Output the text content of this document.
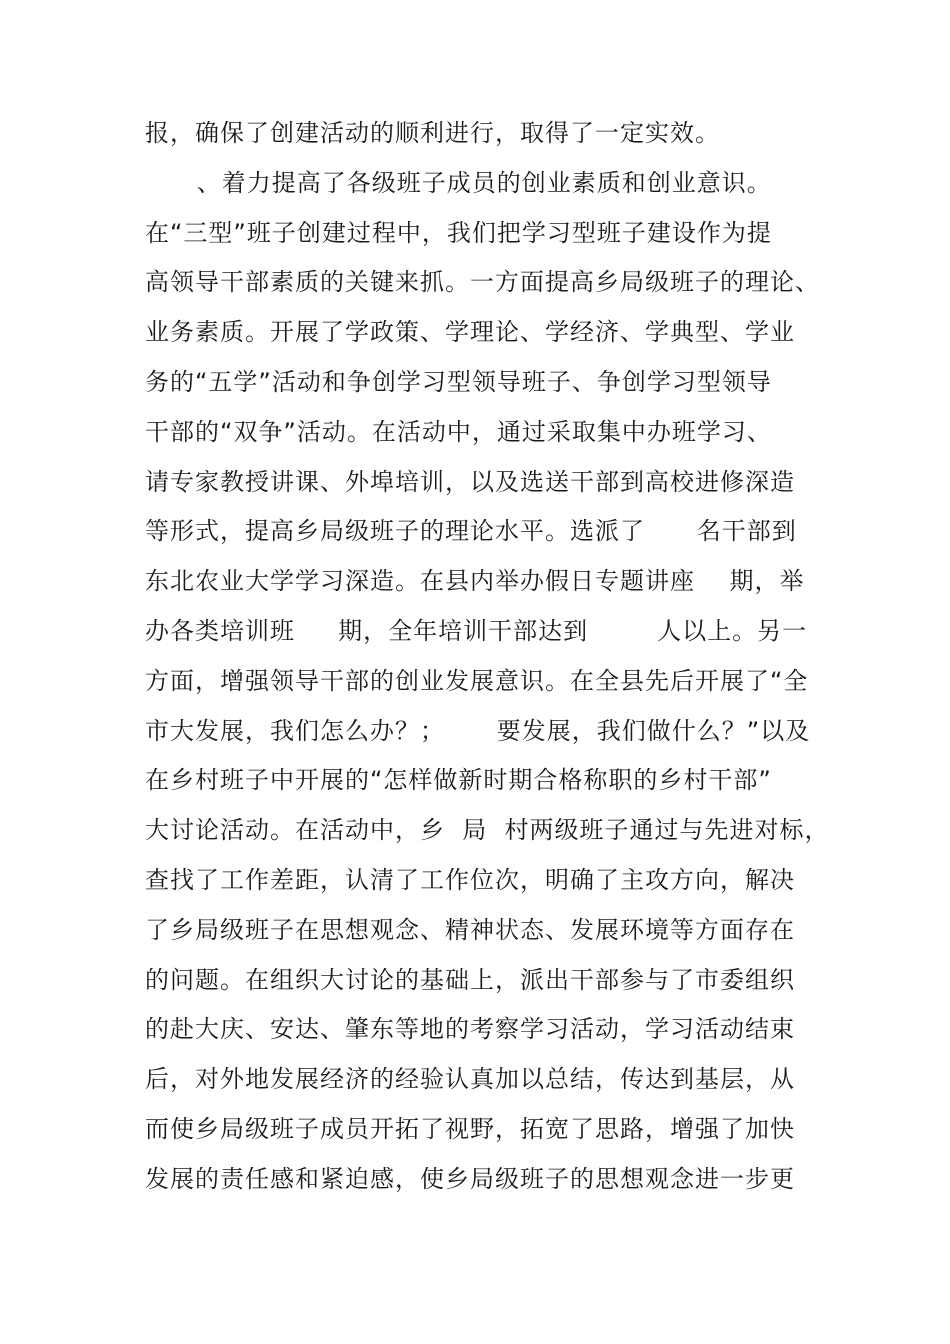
报，确保了创建活动的顺利进行，取得了一定实效。
、着力提高了各级班子成员的创业素质和创业意识。
在“三型”班子创建过程中，我们把学习型班子建设作为提
高领导干部素质的关键来抓。一方面提高乡局级班子的理论、
业务素质。开展了学政策、学理论、学经济、学典型、学业
务的“五学”活动和争创学习型领导班子、争创学习型领导
干部的“双争”活动。在活动中，通过采取集中办班学习、
请专家教授讲课、外埠培训，以及选送干部到高校进修深造
等形式，提高乡局级班子的理论水平。选派了      名干部到
东北农业大学学习深造。在县内举办假日专题讲座    期，举
办各类培训班     期，全年培训干部达到        人以上。另一
方面，增强领导干部的创业发展意识。在全县先后开展了“全
市大发展，我们怎么办？；      要发展，我们做什么？”以及
在乡村班子中开展的“怎样做新时期合格称职的乡村干部”
大讨论活动。在活动中，乡  局  村两级班子通过与先进对标，
查找了工作差距，认清了工作位次，明确了主攻方向，解决
了乡局级班子在思想观念、精神状态、发展环境等方面存在
的问题。在组织大讨论的基础上，派出干部参与了市委组织
的赴大庆、安达、肇东等地的考察学习活动，学习活动结束
后，对外地发展经济的经验认真加以总结，传达到基层，从
而使乡局级班子成员开拓了视野，拓宽了思路，增强了加快
发展的责任感和紧迫感，使乡局级班子的思想观念进一步更
